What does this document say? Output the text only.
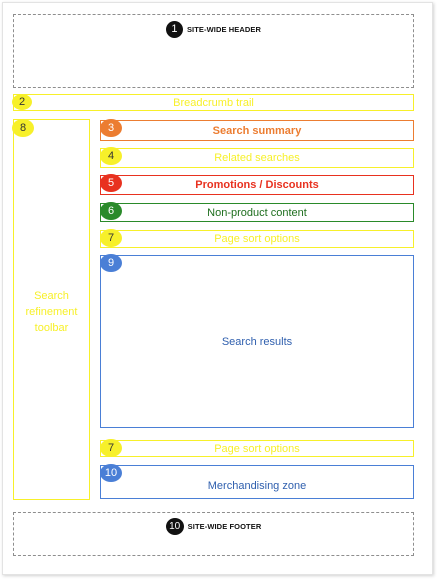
1	SITE-WIDE HEADER
Breadcrumb trail
2
Search
refinement
toolbar
8	Search summary
3
Related searches
4
Promotions / Discounts
5
Non-product content
6
Page sort options
7
Search results
9
Page sort options
7
Merchandising zone
10
10 SITE-WIDE FOOTER
